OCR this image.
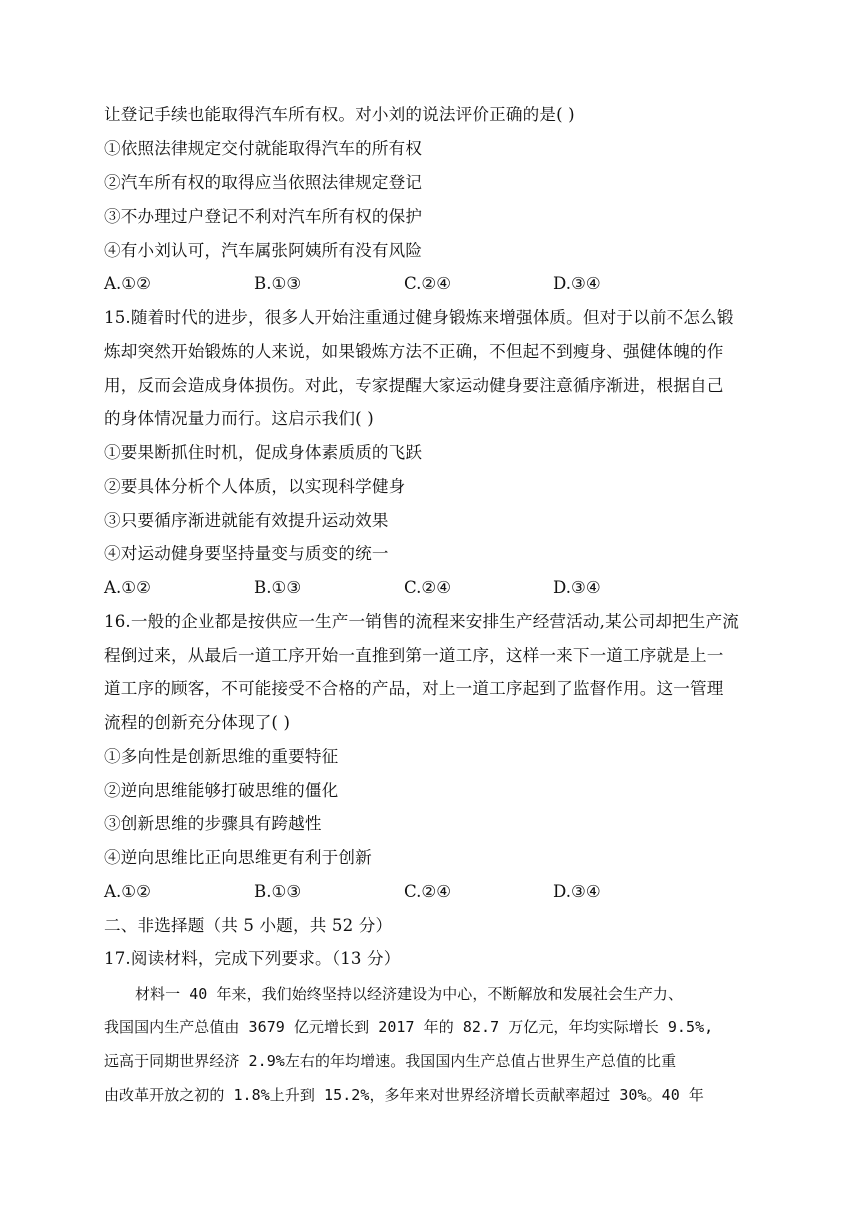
让登记手续也能取得汽车所有权。对小刘的说法评价正确的是( )
①依照法律规定交付就能取得汽车的所有权
②汽车所有权的取得应当依照法律规定登记
③不办理过户登记不利对汽车所有权的保护
④有小刘认可，汽车属张阿姨所有没有风险
A.①②	B.①③	C.②④	D.③④
15.随着时代的进步，很多人开始注重通过健身锻炼来增强体质。但对于以前不怎么锻
炼却突然开始锻炼的人来说，如果锻炼方法不正确，不但起不到瘦身、强健体魄的作
用，反而会造成身体损伤。对此，专家提醒大家运动健身要注意循序渐进，根据自己
的身体情况量力而行。这启示我们( )
①要果断抓住时机，促成身体素质质的飞跃
②要具体分析个人体质，以实现科学健身
③只要循序渐进就能有效提升运动效果
④对运动健身要坚持量变与质变的统一
A.①②	B.①③	C.②④	D.③④
16.一般的企业都是按供应一生产一销售的流程来安排生产经营活动,某公司却把生产流
程倒过来，从最后一道工序开始一直推到第一道工序，这样一来下一道工序就是上一
道工序的顾客，不可能接受不合格的产品，对上一道工序起到了监督作用。这一管理
流程的创新充分体现了( )
①多向性是创新思维的重要特征
②逆向思维能够打破思维的僵化
③创新思维的步骤具有跨越性
④逆向思维比正向思维更有利于创新
A.①②	B.①③	C.②④	D.③④
二、非选择题（共 5 小题，共 52 分）
17.阅读材料，完成下列要求。（13 分）
材料一 40 年来，我们始终坚持以经济建设为中心，不断解放和发展社会生产力、
我国国内生产总值由 3679 亿元增长到 2017 年的 82.7 万亿元，年均实际增长 9.5%,
远高于同期世界经济 2.9%左右的年均增速。我国国内生产总值占世界生产总值的比重
由改革开放之初的 1.8%上升到 15.2%，多年来对世界经济增长贡献率超过 30%。40 年
